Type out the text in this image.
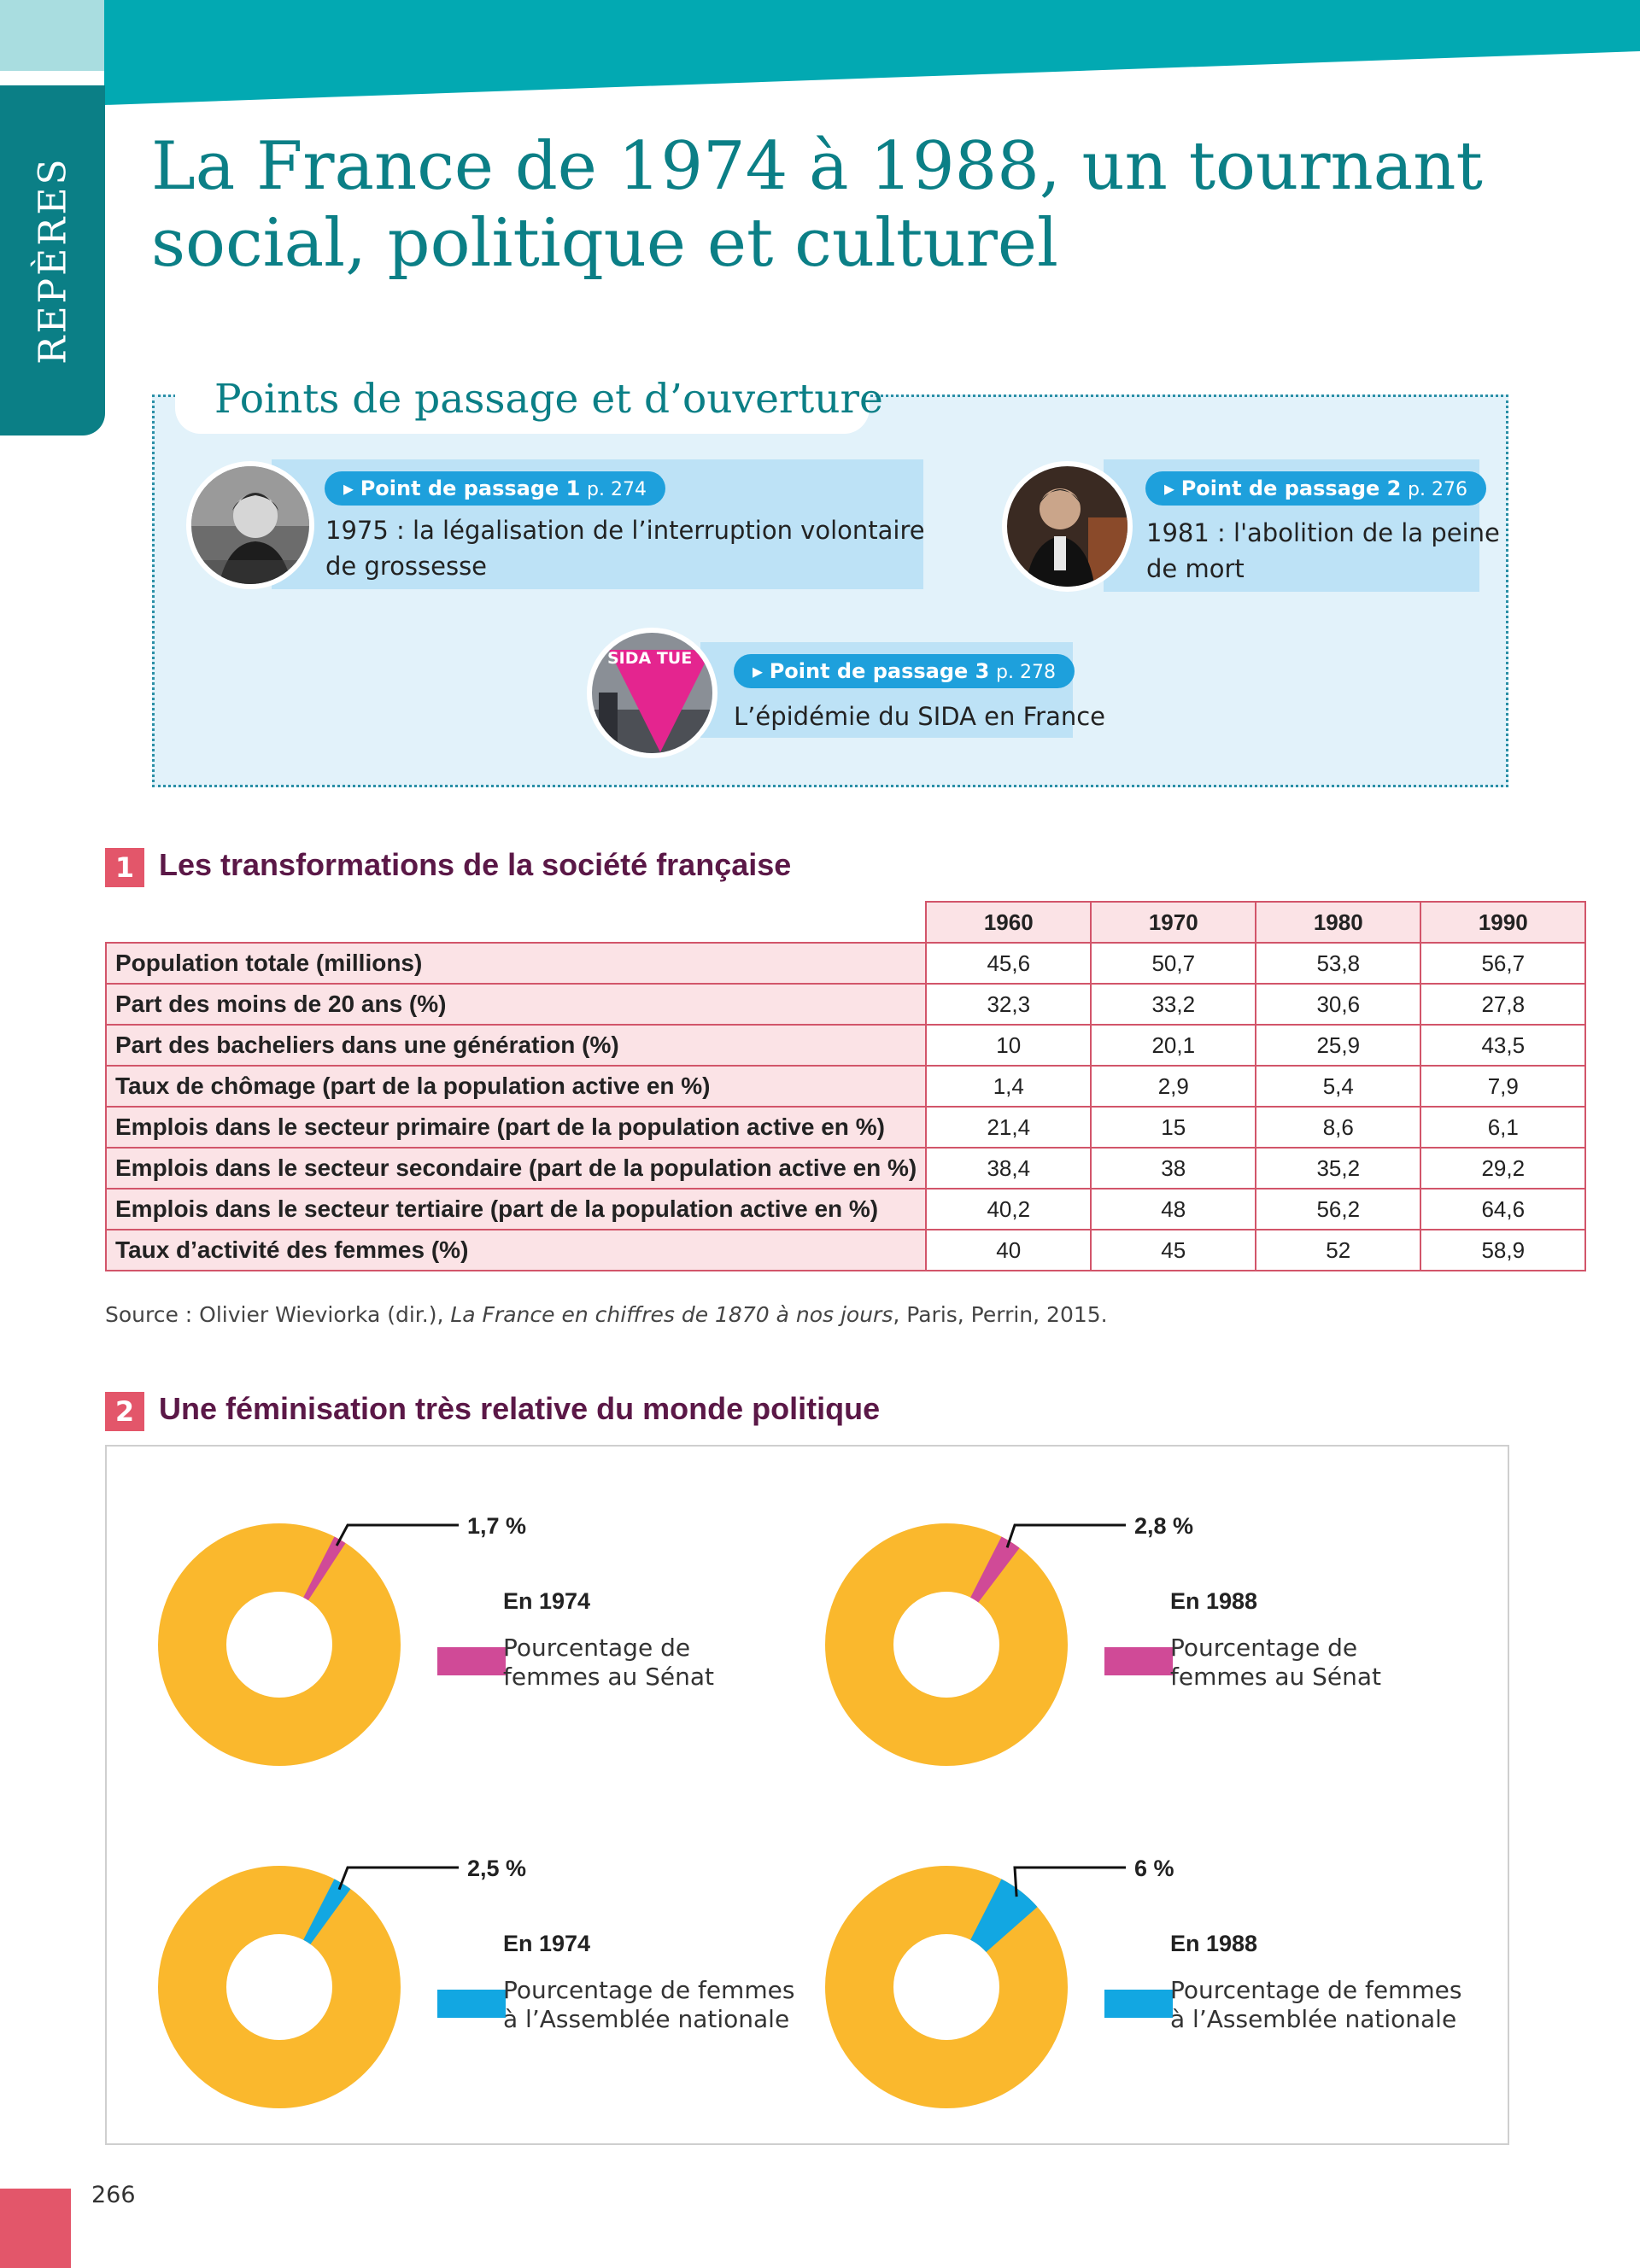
REPÈRES La France de 1974 à 1988, un tournant
social, politique et culturel
Points de passage et d’ouverture
▸ Point de passage 1 p. 274
1975 : la légalisation de l’interruption volontaire
de grossesse
▸ Point de passage 2 p. 276
1981 : l'abolition de la peine
de mort
SIDA TUE
▸ Point de passage 3 p. 278
L’épidémie du SIDA en France
1 Les transformations de la société française
	1960	1970	1980	1990
Population totale (millions)	45,6	50,7	53,8	56,7
Part des moins de 20 ans (%)	32,3	33,2	30,6	27,8
Part des bacheliers dans une génération (%)	10	20,1	25,9	43,5
Taux de chômage (part de la population active en %)	1,4	2,9	5,4	7,9
Emplois dans le secteur primaire (part de la population active en %)	21,4	15	8,6	6,1
Emplois dans le secteur secondaire (part de la population active en %)	38,4	38	35,2	29,2
Emplois dans le secteur tertiaire (part de la population active en %)	40,2	48	56,2	64,6
Taux d’activité des femmes (%)	40	45	52	58,9
Source : Olivier Wieviorka (dir.), La France en chiffres de 1870 à nos jours, Paris, Perrin, 2015.
2 Une féminisation très relative du monde politique
1,7 %
En 1974
Pourcentage de
femmes au Sénat
2,8 %
En 1988
Pourcentage de
femmes au Sénat
2,5 %
En 1974
Pourcentage de femmes
à l’Assemblée nationale
6 %
En 1988
Pourcentage de femmes
à l’Assemblée nationale
266
